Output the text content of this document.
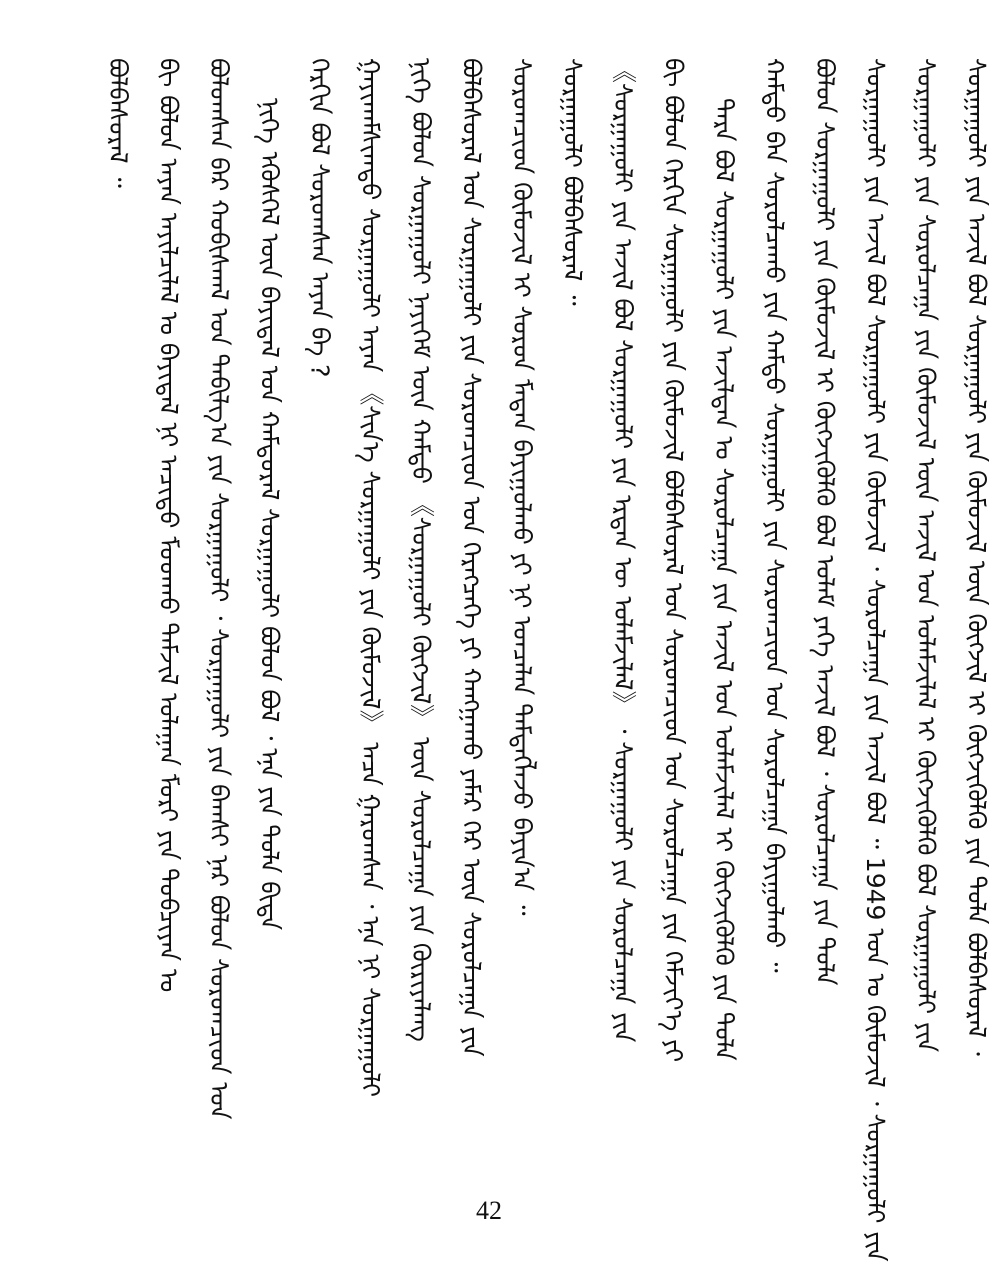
ᠪᠣᠯᠪᠠᠰᠤᠷᠠᠯ ᠃ ᠪᠢ ᠪᠣᠯᠣᠨ ᠠᠶᠠᠨ ᠠᠶᠢᠯᠴᠢᠯᠠᠯ ᠤ ᠪᠠᠶᠢᠳᠠᠯ ᠨᠢ ᠠᠴᠢᠲᠤ ᠮᠤᠳᠬᠤ ᠳᠡᠮᠵᠢᠯ ᠤᠯᠠᠭᠠᠨ ᠮᠣᠷᠢ ᠶᠢᠨ ᠲᠣᠪᠴᠢᠶᠠᠨ ᠤ ᠪᠣᠯᠤᠭᠰᠠᠨ ᠪᠡᠷ ᠬᠤᠪᠢᠰᠬᠠᠯ ᠤᠨ ᠲᠠᠪᠢᠯᠭ᠎ᠠ ᠶᠢᠨ ᠰᠤᠷᠭᠠᠭᠤᠯᠢ ᠂ ᠰᠤᠷᠭᠠᠭᠤᠯᠢ ᠶᠢᠨ ᠪᠠᠭᠰᠢ ᠨᠠᠷ ᠪᠣᠯᠤᠨ ᠰᠤᠷᠤᠭᠴᠢᠳ ᠤᠨ ᠨᠢᠭᠡ ᠡᠭᠦᠰᠬᠡᠯ ᠦᠨ ᠪᠠᠶᠢᠳᠠᠯ ᠤᠨ ᠬᠠᠮᠲᠤᠷᠠᠯ ᠰᠤᠷᠭᠠᠭᠤᠯᠢ ᠪᠣᠯᠤᠨ ᠪᠣᠯ ᠂ ᠡᠨᠡ ᠶᠢᠨ ᠲᠤᠯᠠ ᠪᠢᠳᠡ ᠬᠡᠷᠬᠢᠨ ᠪᠣᠯ ᠰᠤᠷᠤᠭᠰᠠᠨ ᠠᠶᠠᠨ ᠪᠡ ? ᠭᠠᠶᠢᠬᠠᠮᠰᠢᠭᠲᠤ ᠰᠤᠷᠭᠠᠭᠤᠯᠢ ᠠᠶᠠᠨ 《ᠰᠢᠨ᠎ᠡ ᠰᠤᠷᠭᠠᠭᠤᠯᠢ ᠶᠢᠨ ᠬᠦᠮᠦᠵᠢᠯ》 ᠠᠴᠠ ᠭᠠᠷᠤᠭᠰᠠᠨ ᠂ ᠡᠨᠡ ᠨᠢ ᠰᠤᠷᠭᠠᠭᠤᠯᠢ ᠨᠢᠭᠡ ᠪᠣᠯᠤᠨ ᠰᠤᠷᠭᠠᠭᠤᠯᠢ ᠨᠡᠶᠢᠭᠡᠮ ᠦᠨ ᠬᠠᠮᠲᠤ 《ᠰᠤᠷᠭᠠᠭᠤᠯᠢ ᠬᠥᠭᠵᠢᠯ》 ᠦᠨ ᠰᠤᠷᠤᠯᠴᠠᠭᠠ ᠶᠢᠨ ᠬᠦᠷᠢᠶᠡᠯᠡᠩ ᠪᠣᠯᠪᠠᠰᠤᠷᠠᠯ ᠤᠨ ᠰᠤᠷᠭᠠᠭᠤᠯᠢ ᠶᠢᠨ ᠰᠤᠷᠤᠭᠴᠢᠳ ᠤᠨ ᠬᠡᠷᠡᠭᠴᠡᠭᠡ ᠶᠢ ᠬᠠᠩᠭᠠᠬᠤ ᠶᠠᠮᠠᠷ ᠭᠡᠷ ᠦᠨ ᠰᠤᠷᠤᠯᠴᠠᠭᠠ ᠶᠢᠨ ᠰᠤᠷᠤᠭᠴᠢᠳ ᠬᠦᠮᠦᠵᠢᠯ ᠢ ᠰᠤᠷᠤᠨ ᠮᠡᠳᠡᠨ ᠪᠠᠶᠢᠭᠤᠯᠬᠤ ᠶᠢ ᠨᠢ ᠣᠨᠴᠠᠯᠠᠨ ᠲᠡᠮᠳᠡᠭᠯᠡᠵᠦ ᠪᠠᠶᠢᠨ᠎ᠠ ᠃ ᠰᠤᠷᠭᠠᠭᠤᠯᠢ ᠪᠣᠯᠪᠠᠰᠤᠷᠠᠯ ᠃ 《ᠰᠤᠷᠭᠠᠭᠤᠯᠢ ᠶᠢᠨ ᠠᠵᠢᠯ ᠪᠣᠯ ᠰᠤᠷᠭᠠᠭᠤᠯᠢ ᠶᠢᠨ ᠡᠷᠲᠡᠨ ᠦ ᠤᠯᠠᠮᠵᠢᠯᠠᠯ》 ᠂ ᠰᠤᠷᠭᠠᠭᠤᠯᠢ ᠶᠢᠨ ᠰᠤᠷᠤᠯᠴᠠᠭᠠ ᠶᠢᠨ ᠪᠢ ᠪᠣᠯᠣᠨ ᠬᠡᠷᠬᠢᠨ ᠰᠤᠷᠭᠠᠭᠤᠯᠢ ᠶᠢᠨ ᠬᠦᠮᠦᠵᠢᠯ ᠪᠣᠯᠪᠠᠰᠤᠷᠠᠯ ᠤᠨ ᠰᠤᠷᠤᠭᠴᠢᠳ ᠤᠨ ᠰᠤᠷᠤᠯᠴᠠᠭᠠ ᠶᠢᠨ ᠬᠡᠮᠵᠢᠶ᠎ᠡ ᠶᠢ ᠲᠡᠷᠡ ᠪᠣᠯ ᠰᠤᠷᠭᠠᠭᠤᠯᠢ ᠶᠢᠨ ᠠᠵᠢᠯᠲᠠᠨ ᠤ ᠰᠤᠷᠤᠯᠴᠠᠭᠠ ᠶᠢᠨ ᠠᠵᠢᠯ ᠤᠨ ᠤᠯᠠᠮᠵᠢᠯᠠᠯ ᠢ ᠬᠥᠭᠵᠢᠭᠦᠯᠬᠦ ᠶᠢᠨ ᠲᠤᠯᠠ ᠬᠠᠮᠲᠤ ᠪᠡᠨ ᠰᠤᠷᠤᠯᠴᠠᠬᠤ ᠶᠢᠨ ᠬᠠᠮᠲᠤ ᠰᠤᠷᠭᠠᠭᠤᠯᠢ ᠶᠢᠨ ᠰᠤᠷᠤᠭᠴᠢᠳ ᠤᠨ ᠰᠤᠷᠤᠯᠴᠠᠭᠠ ᠪᠠᠶᠢᠭᠤᠯᠬᠤ ᠃ ᠪᠣᠯᠣᠨ ᠰᠤᠷᠭᠠᠭᠤᠯᠢ ᠶᠢᠨ ᠬᠦᠮᠦᠵᠢᠯ ᠢ ᠬᠥᠭᠵᠢᠭᠦᠯᠬᠦ ᠪᠣᠯ ᠤᠯᠠᠮ ᠶᠡᠬᠡ ᠠᠵᠢᠯ ᠪᠣᠯ ᠂ ᠰᠤᠷᠤᠯᠴᠠᠭᠠ ᠶᠢᠨ ᠲᠤᠯᠠ ᠰᠤᠷᠭᠠᠭᠤᠯᠢ ᠶᠢᠨ ᠠᠵᠢᠯ ᠪᠣᠯ ᠰᠤᠷᠭᠠᠭᠤᠯᠢ ᠶᠢᠨ ᠬᠦᠮᠦᠵᠢᠯ ᠂ ᠰᠤᠷᠤᠯᠴᠠᠭᠠ ᠶᠢᠨ ᠠᠵᠢᠯ ᠪᠣᠯ ᠃ 1949 ᠣᠨ ᠤ ᠬᠦᠮᠦᠵᠢᠯ ᠂ ᠰᠤᠷᠭᠠᠭᠤᠯᠢ ᠶᠢᠨ ᠰᠤᠷᠭᠠᠭᠤᠯᠢ ᠶᠢᠨ ᠰᠤᠷᠤᠯᠴᠠᠭᠠ ᠶᠢᠨ ᠬᠦᠮᠦᠵᠢᠯ ᠦᠨ ᠠᠵᠢᠯ ᠤᠨ ᠤᠯᠠᠮᠵᠢᠯᠠᠯ ᠢ ᠬᠥᠭᠵᠢᠭᠦᠯᠬᠦ ᠪᠣᠯ ᠰᠤᠷᠭᠠᠭᠤᠯᠢ ᠶᠢᠨ ᠰᠤᠷᠭᠠᠭᠤᠯᠢ ᠶᠢᠨ ᠠᠵᠢᠯ ᠪᠣᠯ ᠰᠤᠷᠭᠠᠭᠤᠯᠢ ᠶᠢᠨ ᠬᠦᠮᠦᠵᠢᠯ ᠦᠨ ᠬᠥᠭᠵᠢᠯ ᠢ ᠬᠥᠭᠵᠢᠭᠦᠯᠬᠦ ᠶᠢᠨ ᠲᠤᠯᠠ ᠪᠣᠯᠪᠠᠰᠤᠷᠠᠯ ᠂
42
